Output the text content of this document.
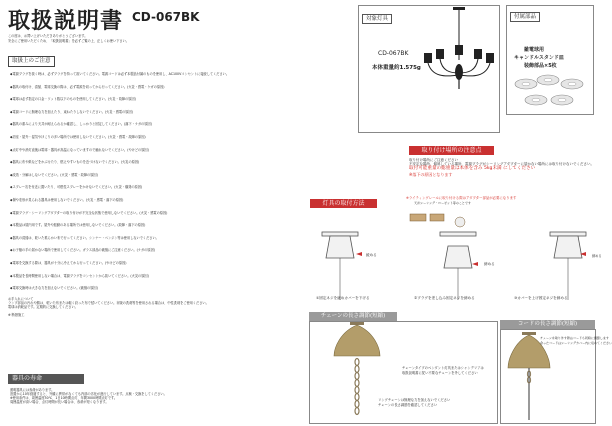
取扱説明書 CD-067BK
この度は、お買い上げいただきありがとうございます。
安全にご使用いただくため、「取扱説明書」を必ずご覧の上、正しくお使い下さい。
取扱上のご注意
◆電源プラグを抜く時は、必ずプラグを持って抜いてください。電源コードは必ず本製品付属のものを使用し、AC100Vコンセントに接続してください。
◆器具の取付け、清掃、電球交換の際は、必ず電源を切ってから行ってください。(火災・感電・ケガの原因)
◆電球は必ず指定の口金・ワット数以下のものを使用してください。(火災・故障の原因)
◆電源コードに無理な力を加えたり、束ねたりしないでください。(火災・感電の原因)
◆器具の重みにより天井が耐えられるか確認し、しっかりと固定してください。(落下・ケガの原因)
◆浴室・屋外・湿気やほこりの多い場所では使用しないでください。(火災・感電・故障の原因)
◆点灯中や消灯直後は電球・器具が高温になっていますので触れないでください。(やけどの原因)
◆器具に布や紙などをかぶせたり、燃えやすいものを近づけないでください。(火災の原因)
◆改造・分解はしないでください。(火災・感電・故障の原因)
◆スプレー缶を付近に置いたり、可燃性スプレーをかけないでください。(火災・爆発の原因)
◆傷や変形が見られる器具は使用しないでください。(火災・感電・落下の原因)
◆電源プラグ・シーリングアダプターの取り付けが不完全な状態で使用しないでください。(火災・感電の原因)
◆本製品は屋内用です。屋外や振動のある場所では使用しないでください。(故障・落下の原因)
◆器具の清掃は、乾いた柔らかい布で行ってください。シンナー・ベンジン等は使用しないでください。
◆お子様の手の届かない場所で使用してください。ガラス部品の破損にご注意ください。(ケガの原因)
◆電球を交換する際は、器具が十分に冷えてから行ってください。(やけどの原因)
◆本製品を長時間使用しない場合は、電源プラグをコンセントから抜いてください。(火災の原因)
◆電球交換時は大きな力を加えないでください。(破損の原因)
お手入れについて
ランプ部品の汚れや錆は、乾いた布または軽く絞った布で拭いてください。市販の洗剤等を使用される場合は、中性洗剤をご使用ください。
電球は消耗品です。定期的に交換してください。
※ 断熱施工
器具の寿命
照明器具には寿命があります。
設置から10年経過すると、外観に異常がなくても内部の劣化が進行しています。点検・交換をしてください。
※使用条件は、周囲温度30℃、1日10時間点灯、年間3000時間点灯です。
周囲温度が高い場合、点灯時間が長い場合は、寿命が短くなります。
対象灯具
CD-067BK
本体重量約1.575g
付属部品
雑電球用
キャンドルスタンド皿
装飾部品×5枚
取り付け場所の注意点
取り付け場所にご注意ください
不安定な場所、傾斜している場所、電源プラグがシーリングアダプターに届かない場所には取り付けないでください。
取付可能重量の総重量は本体を含み 5kg未満 にしてください
※落下の原因となります
灯具の取付方法
※ライティングレールに取り付ける際はアダプター部品が必要になります
天井シーリング・ローゼット等のことです
緩める
締める
締める
①固定ネジを緩めカバーを下げる	②プラグを差し込み固定ネジを締める	③カバーを上げ固定ネジを締める
チェーンの長さ調節(短縮)
チェーンタイプのペンダント灯具またはシャンデリアは
取扱説明書に従い不要なチェーンを外してください
リングチェーンは無理な力を加えないでください
チェーンの長さ調節を確認してください
コードの長さ調節(短縮)
チェーンを取り外す際はコードも同時に調節します
余ったコードはシーリングカバー内に収めてください
